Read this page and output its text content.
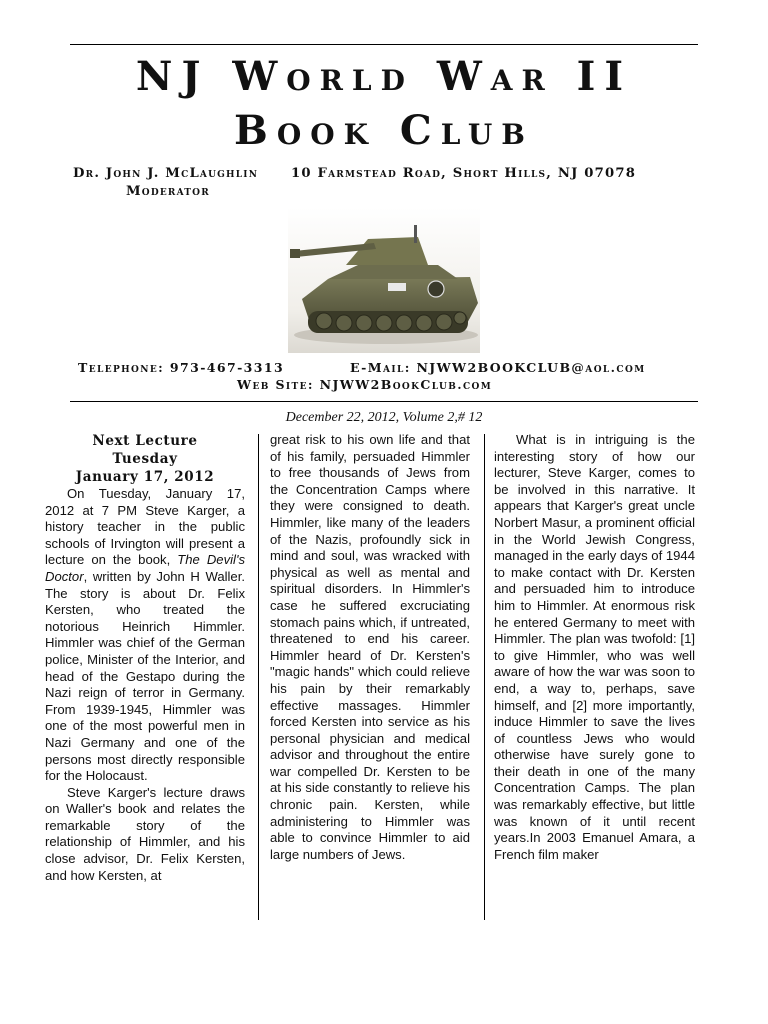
NJ World War II
Book Club
Dr. John J. McLaughlin 10 Farmstead Road, Short Hills, NJ 07078
Moderator
Telephone: 973-467-3313	E-Mail: NJWW2BOOKCLUB@aol.com
Web Site: NJWW2BookClub.com
December 22, 2012, Volume 2,# 12
Next Lecture
Tuesday
January 17, 2012

On Tuesday, January 17, 2012 at 7 PM Steve Karger, a history teacher in the public schools of Irvington will present a lecture on the book, The Devil's Doctor, written by John H Waller. The story is about Dr. Felix Kersten, who treated the notorious Heinrich Himmler. Himmler was chief of the German police, Minister of the Interior, and head of the Gestapo during the Nazi reign of terror in Germany. From 1939-1945, Himmler was one of the most powerful men in Nazi Germany and one of the persons most directly responsible for the Holocaust.

Steve Karger's lecture draws on Waller's book and relates the remarkable story of the relationship of Himmler, and his close advisor, Dr. Felix Kersten, and how Kersten, at

great risk to his own life and that of his family, persuaded Himmler to free thousands of Jews from the Concentration Camps where they were consigned to death. Himmler, like many of the leaders of the Nazis, profoundly sick in mind and soul, was wracked with physical as well as mental and spiritual disorders. In Himmler's case he suffered excruciating stomach pains which, if untreated, threatened to end his career. Himmler heard of Dr. Kersten's "magic hands" which could relieve his pain by their remarkably effective massages. Himmler forced Kersten into service as his personal physician and medical advisor and throughout the entire war compelled Dr. Kersten to be at his side constantly to relieve his chronic pain. Kersten, while administering to Himmler was able to convince Himmler to aid large numbers of Jews.

What is in intriguing is the interesting story of how our lecturer, Steve Karger, comes to be involved in this narrative. It appears that Karger's great uncle Norbert Masur, a prominent official in the World Jewish Congress, managed in the early days of 1944 to make contact with Dr. Kersten and persuaded him to introduce him to Himmler. At enormous risk he entered Germany to meet with Himmler. The plan was twofold: [1] to give Himmler, who was well aware of how the war was soon to end, a way to, perhaps, save himself, and [2] more importantly, induce Himmler to save the lives of countless Jews who would otherwise have surely gone to their death in one of the many Concentration Camps. The plan was remarkably effective, but little was known of it until recent years.In 2003 Emanuel Amara, a French film maker
